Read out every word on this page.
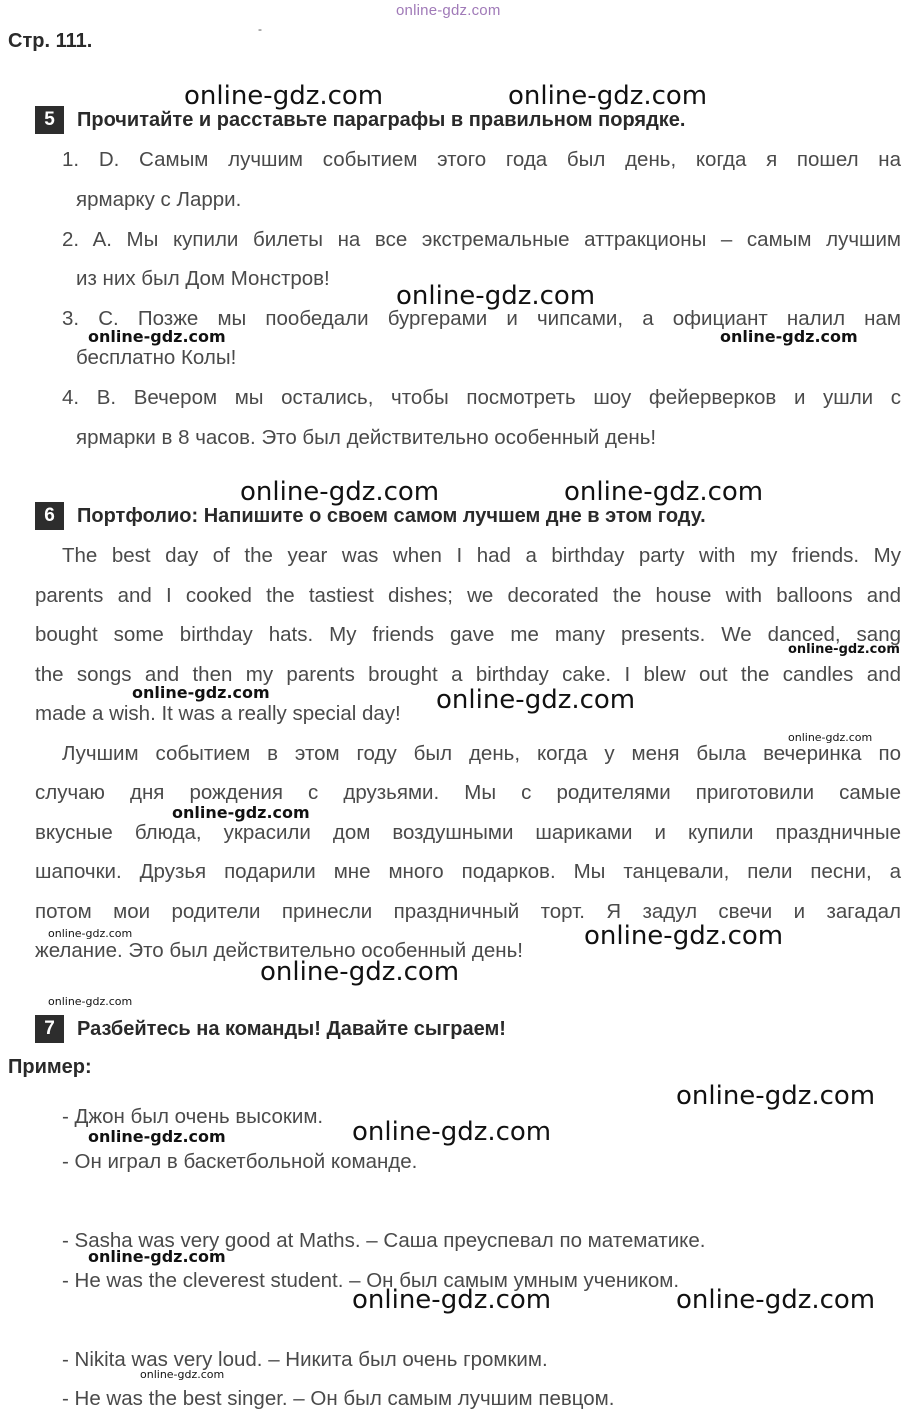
online-gdz.com
Стр. 111.
-
5	Прочитайте и расставьте параграфы в правильном порядке.
1. D. Самым лучшим событием этого года был день, когда я пошел на
ярмарку с Ларри.
2. A. Мы купили билеты на все экстремальные аттракционы – самым лучшим
из них был Дом Монстров!
3. C. Позже мы пообедали бургерами и чипсами, а официант налил нам
бесплатно Колы!
4. B. Вечером мы остались, чтобы посмотреть шоу фейерверков и ушли с
ярмарки в 8 часов. Это был действительно особенный день!
6	Портфолио: Напишите о своем самом лучшем дне в этом году.
The best day of the year was when I had a birthday party with my friends. My
parents and I cooked the tastiest dishes; we decorated the house with balloons and
bought some birthday hats. My friends gave me many presents. We danced, sang
the songs and then my parents brought a birthday cake. I blew out the candles and
made a wish. It was a really special day!
Лучшим событием в этом году был день, когда у меня была вечеринка по
случаю дня рождения с друзьями. Мы с родителями приготовили самые
вкусные блюда, украсили дом воздушными шариками и купили праздничные
шапочки. Друзья подарили мне много подарков. Мы танцевали, пели песни, а
потом мои родители принесли праздничный торт. Я задул свечи и загадал
желание. Это был действительно особенный день!
7	Разбейтесь на команды! Давайте сыграем!
Пример:
- Джон был очень высоким.
- Он играл в баскетбольной команде.
- Sasha was very good at Maths. – Саша преуспевал по математике.
- He was the cleverest student. – Он был самым умным учеником.
- Nikita was very loud. – Никита был очень громким.
- He was the best singer. – Он был самым лучшим певцом.
online-gdz.com	online-gdz.com
online-gdz.com
online-gdz.com	online-gdz.com
online-gdz.com	online-gdz.com
online-gdz.com
online-gdz.com	online-gdz.com
online-gdz.com
online-gdz.com
online-gdz.com	online-gdz.com
online-gdz.com
online-gdz.com
online-gdz.com
online-gdz.com
online-gdz.com
online-gdz.com
online-gdz.com	online-gdz.com
online-gdz.com
